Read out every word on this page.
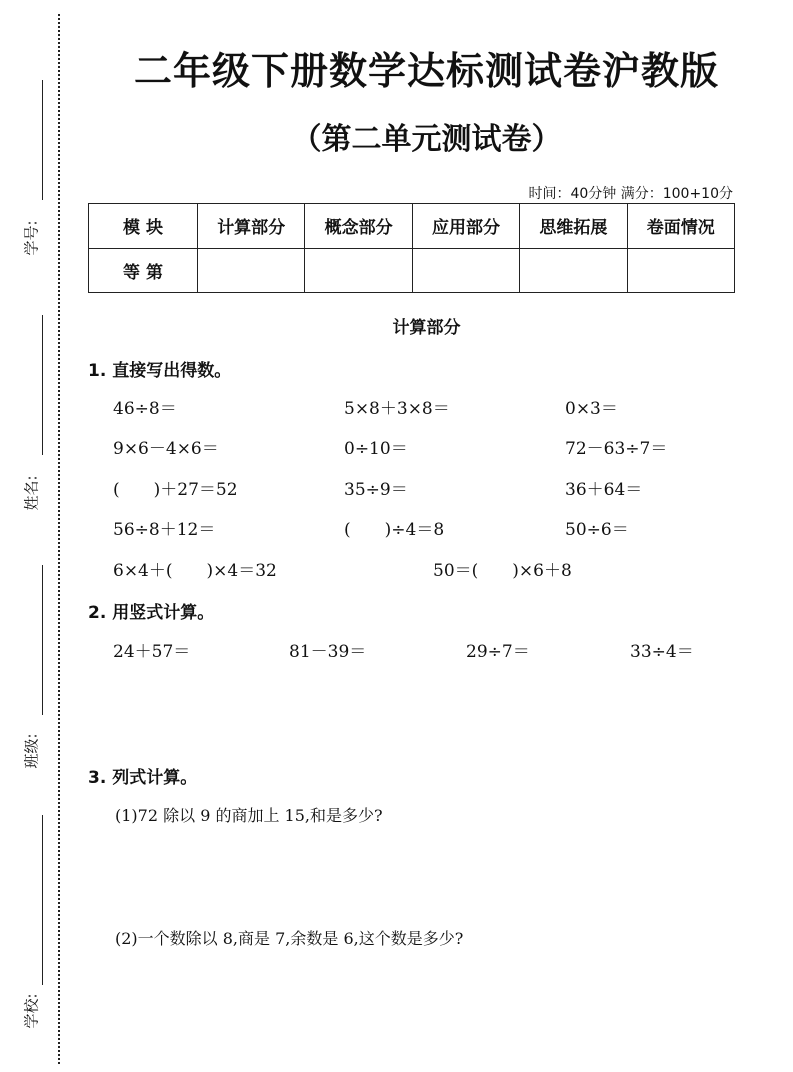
学号:
姓名:
班级:
学校:
二年级下册数学达标测试卷沪教版
（第二单元测试卷）
时间：40分钟 满分：100+10分
模 块	计算部分	概念部分	应用部分	思维拓展	卷面情况
等 第					
计算部分
1. 直接写出得数。
46÷8＝	5×8＋3×8＝	0×3＝
9×6－4×6＝	0÷10＝	72－63÷7＝
(　　)＋27＝52	35÷9＝	36＋64＝
56÷8＋12＝	(　　)÷4＝8	50÷6＝
6×4＋(　　)×4＝32	50＝(　　)×6＋8
2. 用竖式计算。
24＋57＝	81－39＝	29÷7＝	33÷4＝
3. 列式计算。
(1)72 除以 9 的商加上 15,和是多少?
(2)一个数除以 8,商是 7,余数是 6,这个数是多少?
